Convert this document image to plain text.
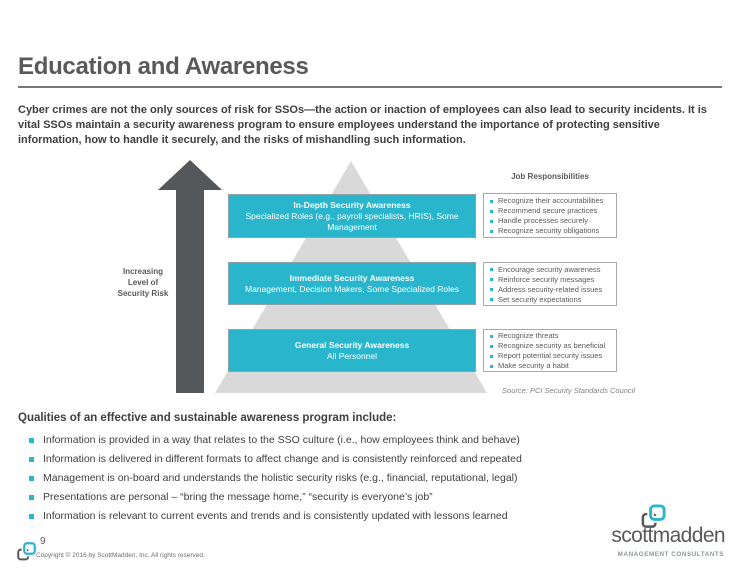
Education and Awareness

Cyber crimes are not the only sources of risk for SSOs—the action or inaction of employees can also lead to security incidents. It is vital SSOs maintain a security awareness program to ensure employees understand the importance of protecting sensitive information, how to handle it securely, and the risks of mishandling such information.

Increasing
Level of
Security Risk
Job Responsibilities
In-Depth Security Awareness
Specialized Roles (e.g., payroll specialists, HRIS), Some Management
Recognize their accountabilities
Recommend secure practices
Handle processes securely
Recognize security obligations
Immediate Security Awareness
Management, Decision Makers, Some Specialized Roles
Encourage security awareness
Reinforce security messages
Address security-related issues
Set security expectations
General Security Awareness
All Personnel
Recognize threats
Recognize security as beneficial
Report potential security issues
Make security a habit
Source: PCI Security Standards Council

Qualities of an effective and sustainable awareness program include:

Information is provided in a way that relates to the SSO culture (i.e., how employees think and behave)
Information is delivered in different formats to affect change and is consistently reinforced and repeated
Management is on-board and understands the holistic security risks (e.g., financial, reputational, legal)
Presentations are personal – “bring the message home,” “security is everyone’s job”
Information is relevant to current events and trends and is consistently updated with lessons learned
9
Copyright © 2016 by ScottMadden, Inc. All rights reserved.
scottmadden
MANAGEMENT CONSULTANTS
